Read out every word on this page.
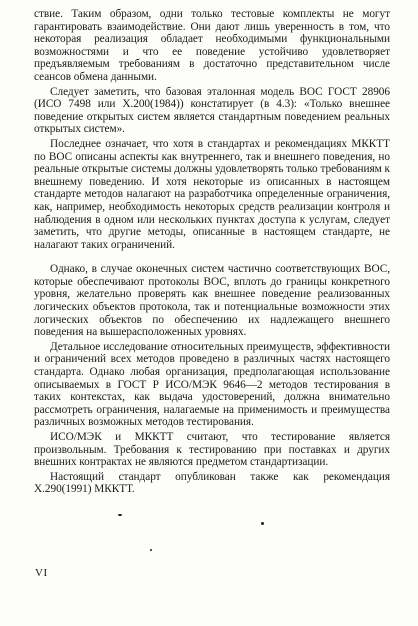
ствие. Таким образом, одни только тестовые комплекты не могут гарантировать взаимодействие. Они дают лишь уверенность в том, что некоторая реализация обладает необходимыми функциональными возможностями и что ее поведение устойчиво удовлетворяет предъявляемым требованиям в достаточно представительном числе сеансов обмена данными.

Следует заметить, что базовая эталонная модель ВОС ГОСТ 28906 (ИСО 7498 или Х.200(1984)) констатирует (в 4.3): «Только внешнее поведение открытых систем является стандартным поведением реальных открытых систем».

Последнее означает, что хотя в стандартах и рекомендациях МККТТ по ВОС описаны аспекты как внутреннего, так и внешнего поведения, но реальные открытые системы должны удовлетворять только требованиям к внешнему поведению. И хотя некоторые из описанных в настоящем стандарте методов налагают на разработчика определенные ограничения, как, например, необходимость некоторых средств реализации контроля и наблюдения в одном или нескольких пунктах доступа к услугам, следует заметить, что другие методы, описанные в настоящем стандарте, не налагают таких ограничений.

Однако, в случае оконечных систем частично соответствующих ВОС, которые обеспечивают протоколы ВОС, вплоть до границы конкретного уровня, желательно проверять как внешнее поведение реализованных логических объектов протокола, так и потенциальные возможности этих логических объектов по обеспечению их надлежащего внешнего поведения на вышерасположенных уровнях.

Детальное исследование относительных преимуществ, эффективности и ограничений всех методов проведено в различных частях настоящего стандарта. Однако любая организация, предполагающая использование описываемых в ГОСТ Р ИСО/МЭК 9646—2 методов тестирования в таких контекстах, как выдача удостоверений, должна внимательно рассмотреть ограничения, налагаемые на применимость и преимущества различных возможных методов тестирования.

ИСО/МЭК и МККТТ считают, что тестирование является произвольным. Требования к тестированию при поставках и других внешних контрактах не являются предметом стандартизации.

Настоящий стандарт опубликован также как рекомендация Х.290(1991) МККТТ.

VI
